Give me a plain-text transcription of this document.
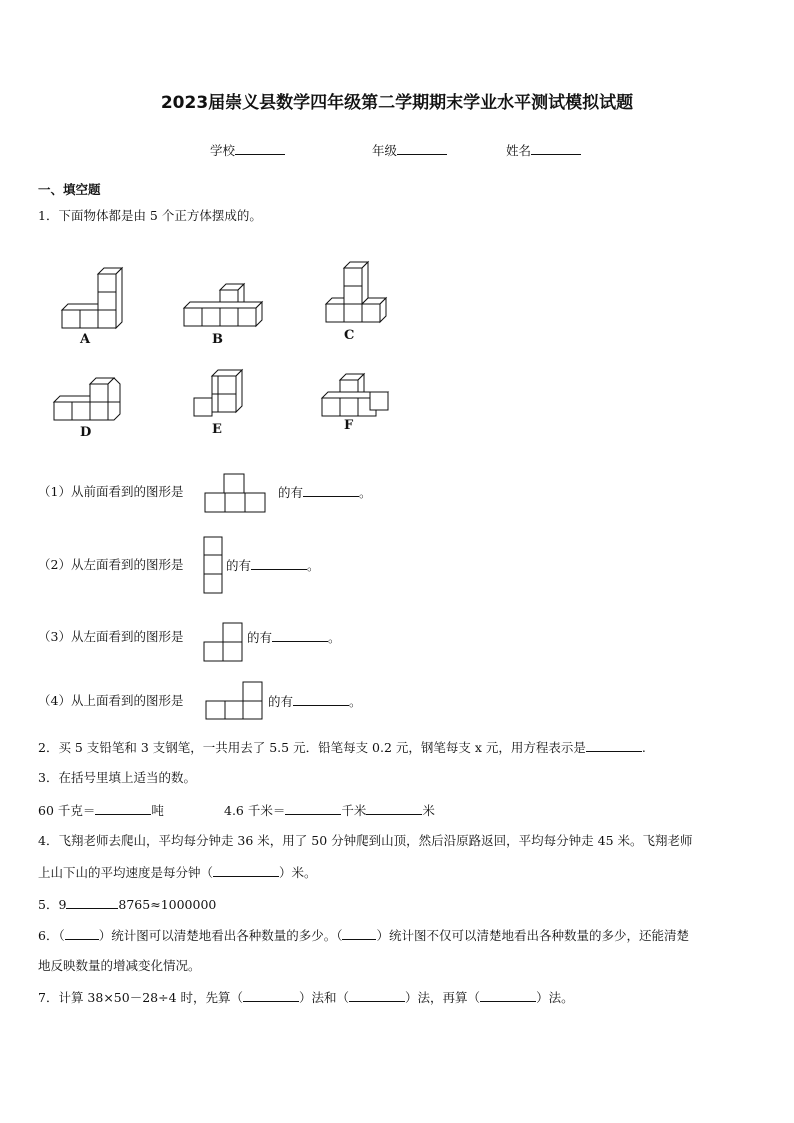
2023届崇义县数学四年级第二学期期末学业水平测试模拟试题
学校	年级	姓名
一、填空题
1．下面物体都是由 5 个正方体摆成的。
A	B	C
D	E	F
（1）从前面看到的图形是	的有	。
（2）从左面看到的图形是	的有	。
（3）从左面看到的图形是	的有	。
（4）从上面看到的图形是	的有	。
2．买 5 支铅笔和 3 支钢笔，一共用去了 5.5 元．铅笔每支 0.2 元，钢笔每支 x 元，用方程表示是	.
3．在括号里填上适当的数。
60 千克＝	吨	4.6 千米＝	千米	米
4．飞翔老师去爬山，平均每分钟走 36 米，用了 50 分钟爬到山顶，然后沿原路返回，平均每分钟走 45 米。飞翔老师
上山下山的平均速度是每分钟（	）米。
5．9	8765≈1000000
6．（	）统计图可以清楚地看出各种数量的多少。（	）统计图不仅可以清楚地看出各种数量的多少，还能清楚
地反映数量的增减变化情况。
7．计算 38×50－28÷4 时，先算（	）法和（	）法，再算（	）法。
